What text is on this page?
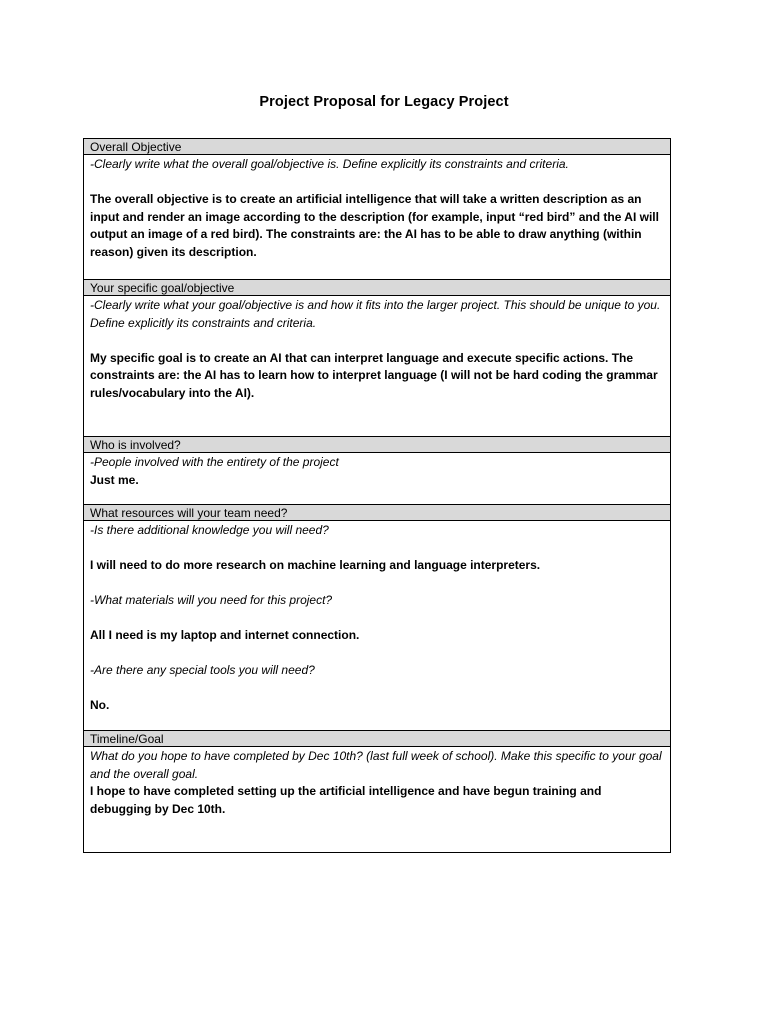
Project Proposal for Legacy Project
Overall Objective

-Clearly write what the overall goal/objective is. Define explicitly its constraints and criteria.

The overall objective is to create an artificial intelligence that will take a written description as an input and render an image according to the description (for example, input “red bird” and the AI will output an image of a red bird). The constraints are: the AI has to be able to draw anything (within reason) given its description.

Your specific goal/objective

-Clearly write what your goal/objective is and how it fits into the larger project. This should be unique to you. Define explicitly its constraints and criteria.

My specific goal is to create an AI that can interpret language and execute specific actions. The constraints are: the AI has to learn how to interpret language (I will not be hard coding the grammar rules/vocabulary into the AI).

Who is involved?

-People involved with the entirety of the project

Just me.

What resources will your team need?

-Is there additional knowledge you will need?

I will need to do more research on machine learning and language interpreters.

-What materials will you need for this project?

All I need is my laptop and internet connection.

-Are there any special tools you will need?

No.

Timeline/Goal

What do you hope to have completed by Dec 10th? (last full week of school). Make this specific to your goal and the overall goal.

I hope to have completed setting up the artificial intelligence and have begun training and debugging by Dec 10th.
